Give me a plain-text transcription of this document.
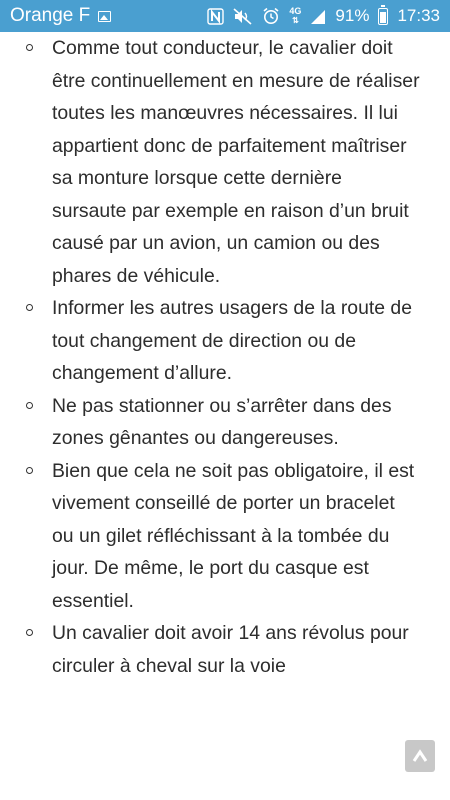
Orange F	4G
⇅ 91% 17:33
Comme tout conducteur, le cavalier doit être continuellement en mesure de réaliser toutes les manœuvres nécessaires. Il lui appartient donc de parfaitement maîtriser sa monture lorsque cette dernière sursaute par exemple en raison d’un bruit causé par un avion, un camion ou des phares de véhicule.
Informer les autres usagers de la route de tout changement de direction ou de changement d’allure.
Ne pas stationner ou s’arrêter dans des zones gênantes ou dangereuses.
Bien que cela ne soit pas obligatoire, il est vivement conseillé de porter un bracelet ou un gilet réfléchissant à la tombée du jour. De même, le port du casque est essentiel.
Un cavalier doit avoir 14 ans révolus pour circuler à cheval sur la voie
